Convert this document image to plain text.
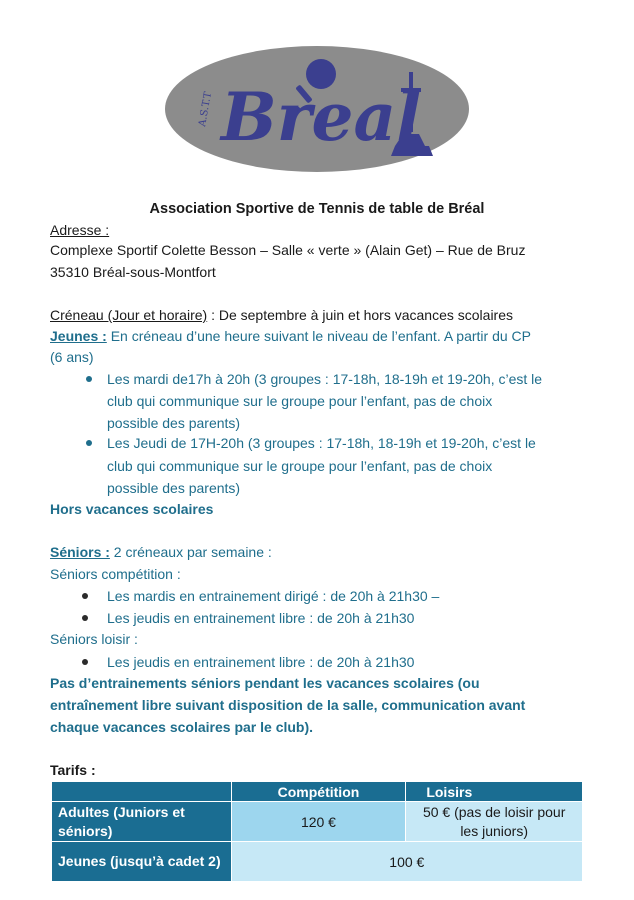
A.S.T.T Breal
Association Sportive de Tennis de table de Bréal
Adresse :
Complexe Sportif Colette Besson – Salle « verte » (Alain Get) – Rue de Bruz
35310 Bréal-sous-Montfort
Créneau (Jour et horaire) : De septembre à juin et hors vacances scolaires
Jeunes : En créneau d’une heure suivant le niveau de l’enfant. A partir du CP
(6 ans)
Les mardi de17h à 20h (3 groupes : 17-18h, 18-19h et 19-20h, c’est le
club qui communique sur le groupe pour l’enfant, pas de choix
possible des parents)
Les Jeudi de 17H-20h (3 groupes : 17-18h, 18-19h et 19-20h, c’est le
club qui communique sur le groupe pour l’enfant, pas de choix
possible des parents)
Hors vacances scolaires
Séniors : 2 créneaux par semaine :
Séniors compétition :
Les mardis en entrainement dirigé : de 20h à 21h30 –
Les jeudis en entrainement libre : de 20h à 21h30
Séniors loisir :
Les jeudis en entrainement libre : de 20h à 21h30
Pas d’entrainements séniors pendant les vacances scolaires (ou
entraînement libre suivant disposition de la salle, communication avant
chaque vacances scolaires par le club).
Tarifs :
	Compétition	Loisirs
Adultes (Juniors et séniors)	120 €	50 € (pas de loisir pour les juniors)
Jeunes (jusqu’à cadet 2)	100 €	
